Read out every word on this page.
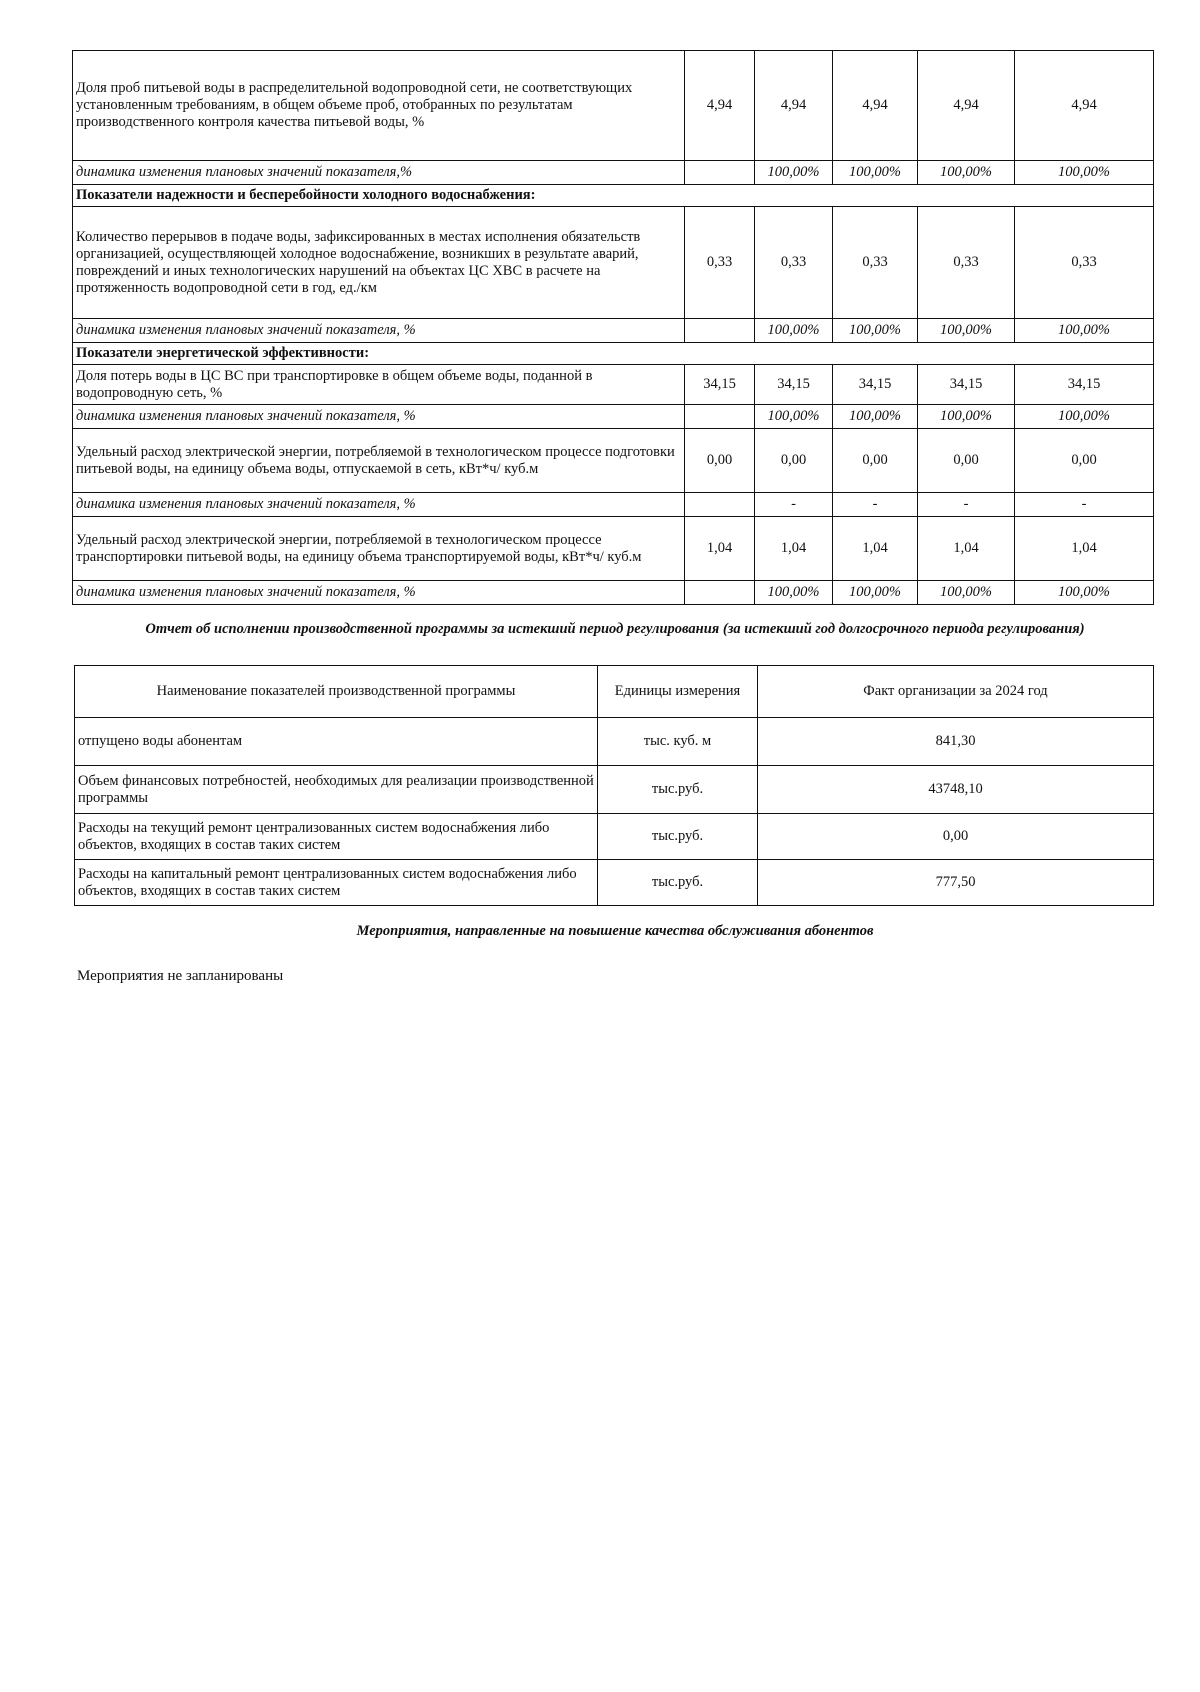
Доля проб питьевой воды в распределительной водопроводной сети, не соответствующих установленным требованиям, в общем объеме проб, отобранных по результатам производственного контроля качества питьевой воды, %	4,94	4,94	4,94	4,94	4,94
динамика изменения плановых значений показателя,%		100,00%	100,00%	100,00%	100,00%
Показатели надежности и бесперебойности холодного водоснабжения:					
Количество перерывов в подаче воды, зафиксированных в местах исполнения обязательств организацией, осуществляющей холодное водоснабжение, возникших в результате аварий, повреждений и иных технологических нарушений на объектах ЦС ХВС в расчете на протяженность водопроводной сети в год, ед./км	0,33	0,33	0,33	0,33	0,33
динамика изменения плановых значений показателя, %		100,00%	100,00%	100,00%	100,00%
Показатели энергетической эффективности:					
Доля потерь воды в ЦС ВС при транспортировке в общем объеме воды, поданной в водопроводную сеть, %	34,15	34,15	34,15	34,15	34,15
динамика изменения плановых значений показателя, %		100,00%	100,00%	100,00%	100,00%
Удельный расход электрической энергии, потребляемой в технологическом процессе подготовки питьевой воды, на единицу объема воды, отпускаемой в сеть, кВт*ч/ куб.м	0,00	0,00	0,00	0,00	0,00
динамика изменения плановых значений показателя, %		-	-	-	-
Удельный расход электрической энергии, потребляемой в технологическом процессе транспортировки питьевой воды, на единицу объема транспортируемой воды, кВт*ч/ куб.м	1,04	1,04	1,04	1,04	1,04
динамика изменения плановых значений показателя, %		100,00%	100,00%	100,00%	100,00%
Отчет об исполнении производственной программы за истекший период регулирования (за истекший год долгосрочного периода регулирования)
Наименование показателей производственной программы	Единицы измерения	Факт организации за 2024 год
отпущено воды абонентам	тыс. куб. м	841,30
Объем финансовых потребностей, необходимых для реализации производственной программы	тыс.руб.	43748,10
Расходы на текущий ремонт централизованных систем водоснабжения либо объектов, входящих в состав таких систем	тыс.руб.	0,00
Расходы на капитальный ремонт централизованных систем водоснабжения либо объектов, входящих в состав таких систем	тыс.руб.	777,50
Мероприятия, направленные на повышение качества обслуживания абонентов
Мероприятия не запланированы
